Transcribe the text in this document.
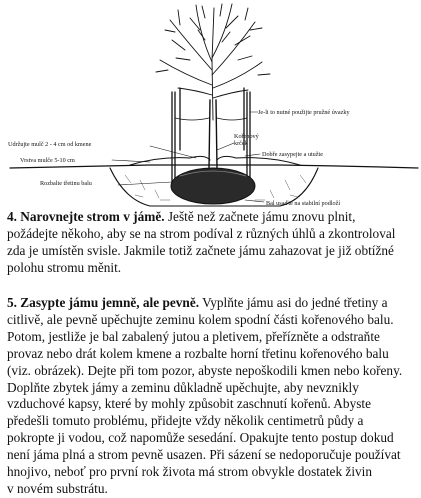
Je-li to nutné použijte pružné úvazky
Kořenový
krček
Dobře zasypejte a utužte
Udržujte mulč 2 - 4 cm od kmene
Vrstva mulče 5-10 cm
Rozbalte třetinu balu
Bal usaďte na stabilní podloží

4. Narovnejte strom v jámě. Ještě než začnete jámu znovu plnit,
požádejte někoho, aby se na strom podíval z různých úhlů a zkontroloval
zda je umístěn svisle. Jakmile totiž začnete jámu zahazovat je již obtížné
polohu stromu měnit.

5. Zasypte jámu jemně, ale pevně. Vyplňte jámu asi do jedné třetiny a
citlivě, ale pevně upěchujte zeminu kolem spodní části kořenového balu.
Potom, jestliže je bal zabalený jutou a pletivem, přeřízněte a odstraňte
provaz nebo drát kolem kmene a rozbalte horní třetinu kořenového balu
(viz. obrázek). Dejte při tom pozor, abyste nepoškodili kmen nebo kořeny.
Doplňte zbytek jámy a zeminu důkladně upěchujte, aby nevznikly
vzduchové kapsy, které by mohly způsobit zaschnutí kořenů. Abyste
předešli tomuto problému, přidejte vždy několik centimetrů půdy a
pokropte ji vodou, což napomůže sesedání. Opakujte tento postup dokud
není jáma plná a strom pevně usazen. Při sázení se nedoporučuje používat
hnojivo, neboť pro první rok života má strom obvykle dostatek živin
v novém substrátu.
